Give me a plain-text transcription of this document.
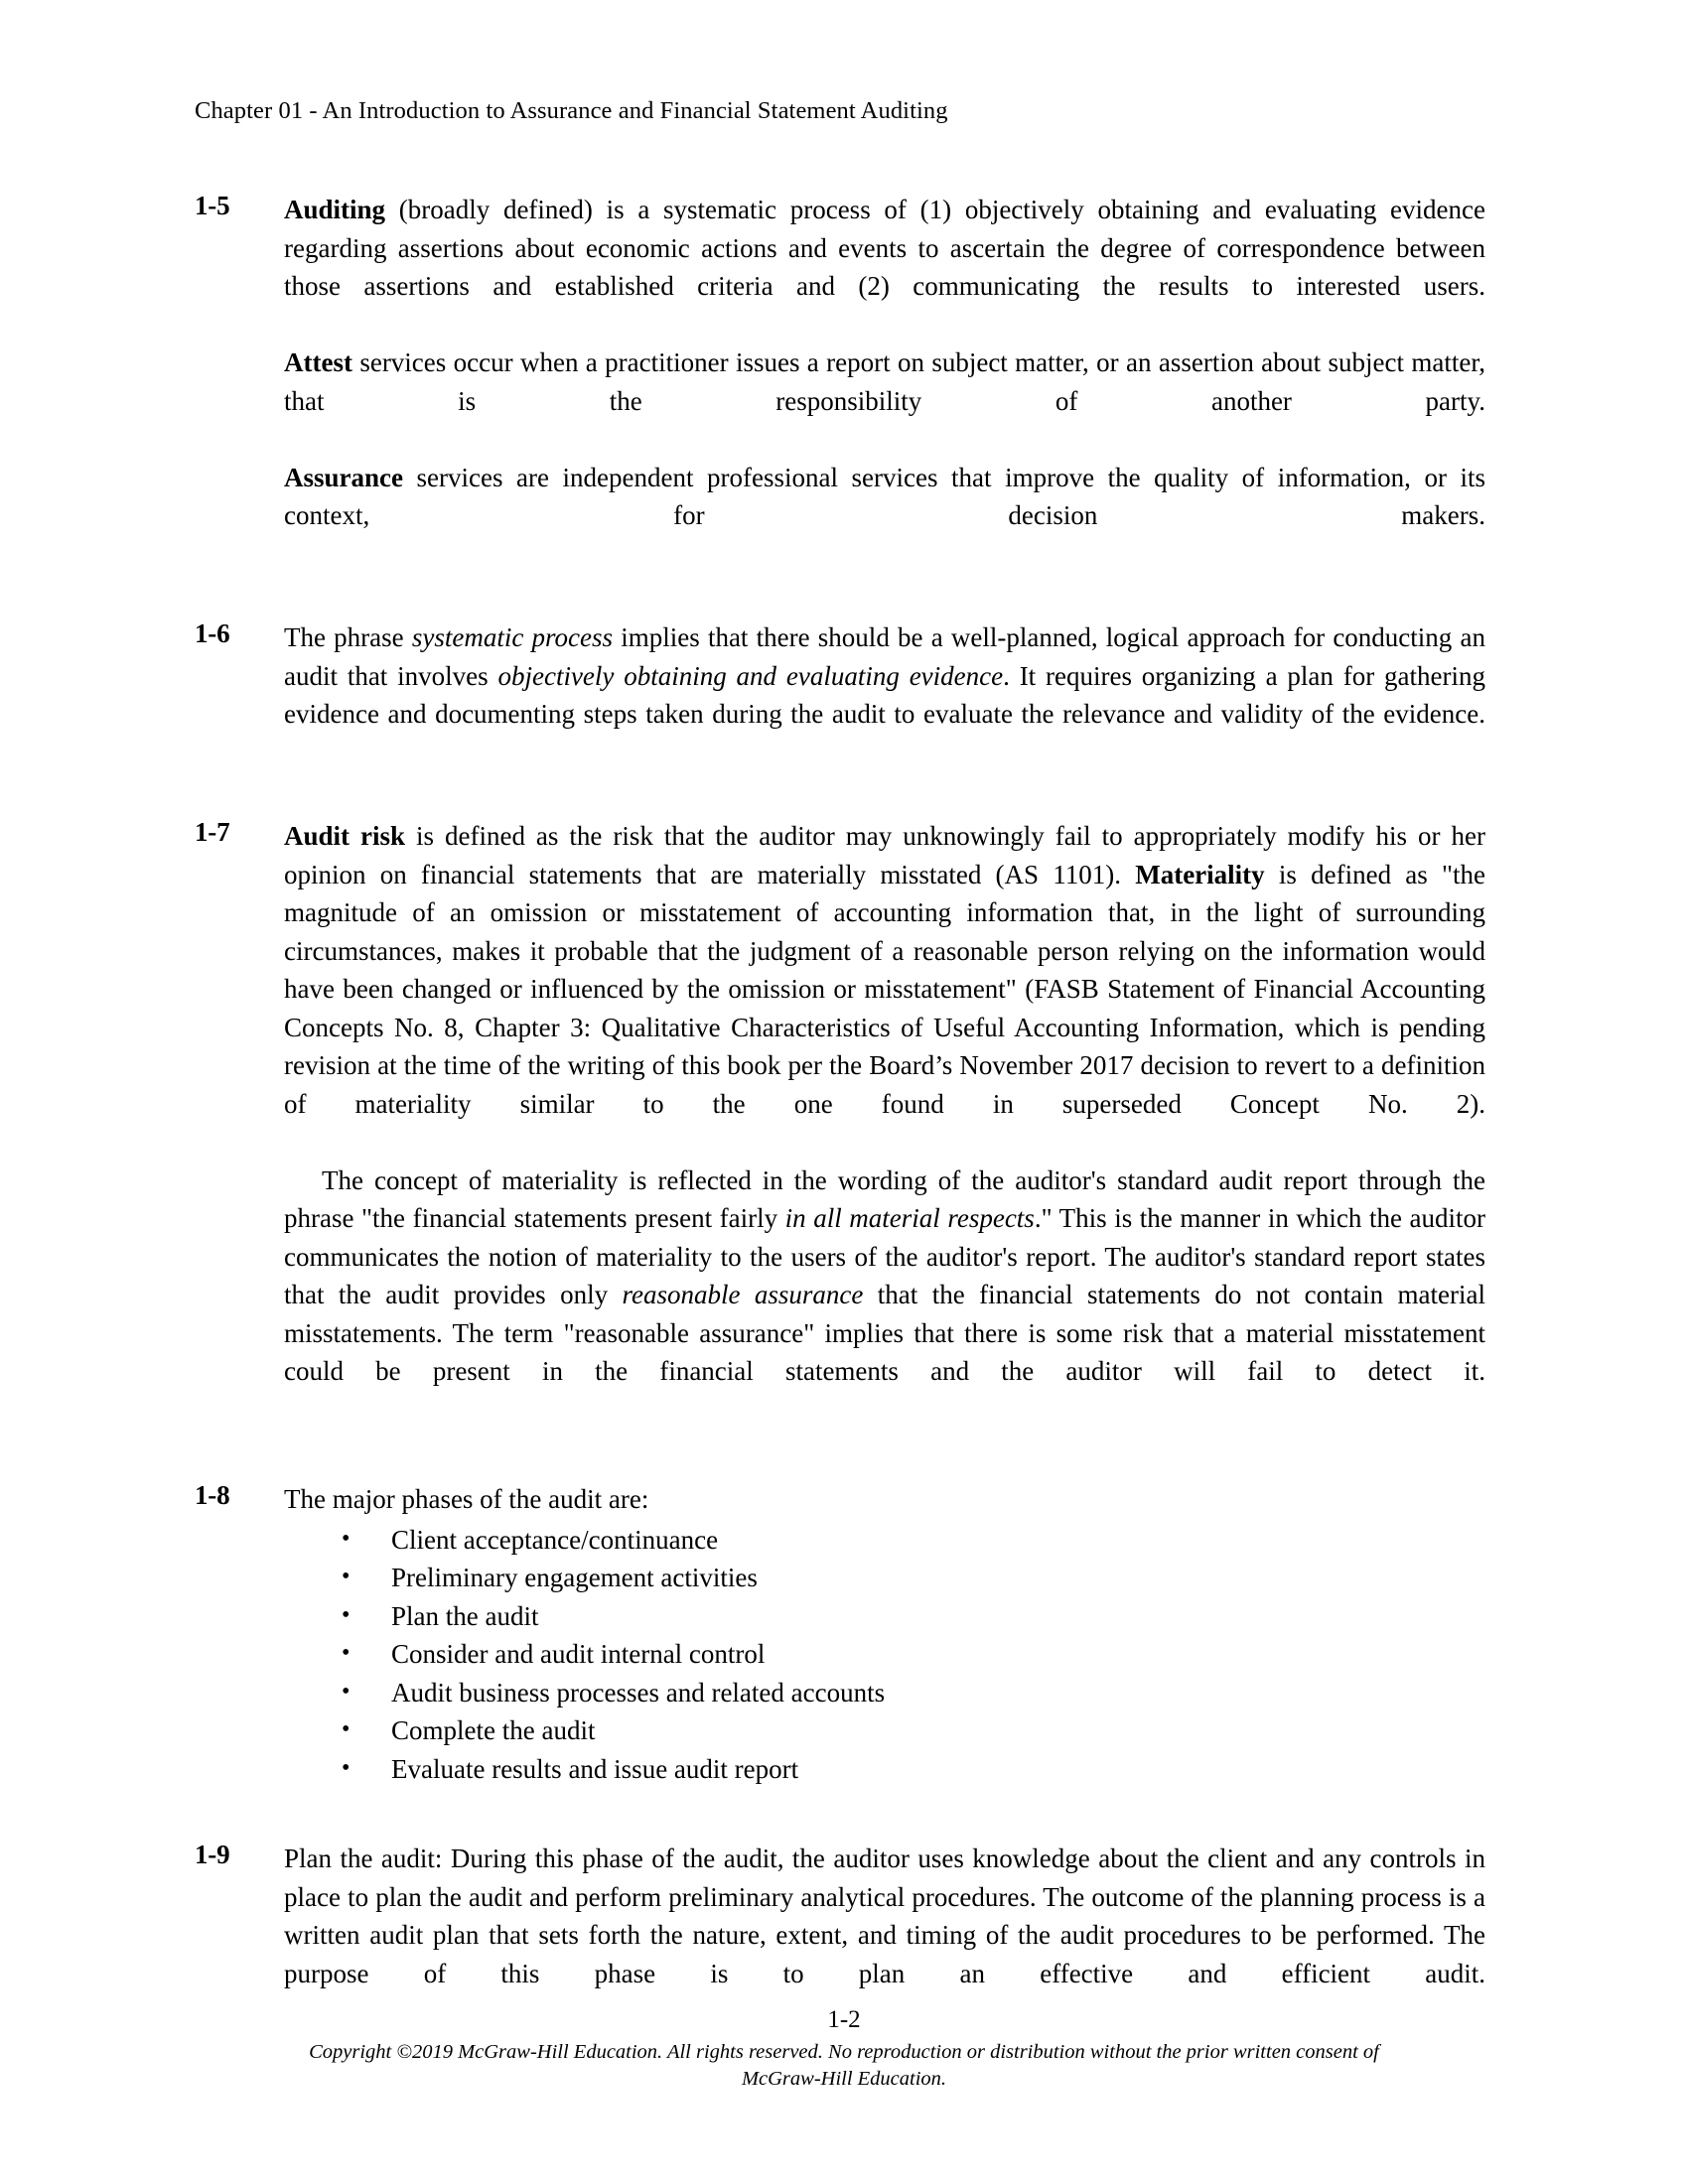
Chapter 01 - An Introduction to Assurance and Financial Statement Auditing
1-5 Auditing (broadly defined) is a systematic process of (1) objectively obtaining and evaluating evidence regarding assertions about economic actions and events to ascertain the degree of correspondence between those assertions and established criteria and (2) communicating the results to interested users.

Attest services occur when a practitioner issues a report on subject matter, or an assertion about subject matter, that is the responsibility of another party.

Assurance services are independent professional services that improve the quality of information, or its context, for decision makers.

1-6 The phrase systematic process implies that there should be a well-planned, logical approach for conducting an audit that involves objectively obtaining and evaluating evidence. It requires organizing a plan for gathering evidence and documenting steps taken during the audit to evaluate the relevance and validity of the evidence.

1-7 Audit risk is defined as the risk that the auditor may unknowingly fail to appropriately modify his or her opinion on financial statements that are materially misstated (AS 1101). Materiality is defined as "the magnitude of an omission or misstatement of accounting information that, in the light of surrounding circumstances, makes it probable that the judgment of a reasonable person relying on the information would have been changed or influenced by the omission or misstatement" (FASB Statement of Financial Accounting Concepts No. 8, Chapter 3: Qualitative Characteristics of Useful Accounting Information, which is pending revision at the time of the writing of this book per the Board’s November 2017 decision to revert to a definition of materiality similar to the one found in superseded Concept No. 2).

The concept of materiality is reflected in the wording of the auditor's standard audit report through the phrase "the financial statements present fairly in all material respects." This is the manner in which the auditor communicates the notion of materiality to the users of the auditor's report. The auditor's standard report states that the audit provides only reasonable assurance that the financial statements do not contain material misstatements. The term "reasonable assurance" implies that there is some risk that a material misstatement could be present in the financial statements and the auditor will fail to detect it.

1-8 The major phases of the audit are:

• Client acceptance/continuance
• Preliminary engagement activities
• Plan the audit
• Consider and audit internal control
• Audit business processes and related accounts
• Complete the audit
• Evaluate results and issue audit report
1-9 Plan the audit: During this phase of the audit, the auditor uses knowledge about the client and any controls in place to plan the audit and perform preliminary analytical procedures. The outcome of the planning process is a written audit plan that sets forth the nature, extent, and timing of the audit procedures to be performed. The purpose of this phase is to plan an effective and efficient audit.

1-2
Copyright ©2019 McGraw-Hill Education. All rights reserved. No reproduction or distribution without the prior written consent of
McGraw-Hill Education.
